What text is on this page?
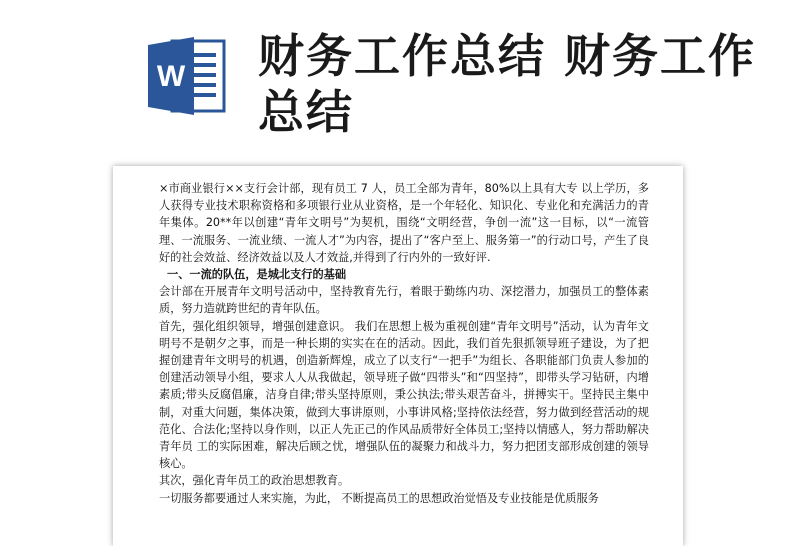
W 财务工作总结 财务工作总结

×市商业银行××支行会计部，现有员工 7 人，员工全部为青年，80%以上具有大专 以上学历，多人获得专业技术职称资格和多项银行业从业资格，是一个年轻化、知识化、专业化和充满活力的青年集体。20**年以创建“青年文明号”为契机，围绕“文明经营，争创一流”这一目标，以“一流管理、一流服务、一流业绩、一流人才”为内容，提出了“客户至上、服务第一”的行动口号，产生了良好的社会效益、经济效益以及人才效益,并得到了行内外的一致好评.

一、一流的队伍，是城北支行的基础

会计部在开展青年文明号活动中，坚持教育先行，着眼于勤练内功、深挖潜力，加强员工的整体素质，努力造就跨世纪的青年队伍。

首先，强化组织领导，增强创建意识。 我们在思想上极为重视创建“青年文明号”活动，认为青年文明号不是朝夕之事，而是一种长期的实实在在的活动。因此，我们首先狠抓领导班子建设，为了把握创建青年文明号的机遇，创造新辉煌，成立了以支行“一把手”为组长、各职能部门负责人参加的创建活动领导小组，要求人人从我做起，领导班子做“四带头”和“四坚持”，即带头学习钻研，内增素质;带头反腐倡廉，洁身自律;带头坚持原则，秉公执法;带头艰苦奋斗，拼搏实干。坚持民主集中制，对重大问题，集体决策，做到大事讲原则，小事讲风格;坚持依法经营，努力做到经营活动的规范化、合法化;坚持以身作则，以正人先正己的作风品质带好全体员工;坚持以情感人，努力帮助解决青年员 工的实际困难，解决后顾之忧，增强队伍的凝聚力和战斗力，努力把团支部形成创建的领导核心。

其次，强化青年员工的政治思想教育。

一切服务都要通过人来实施，为此， 不断提高员工的思想政治觉悟及专业技能是优质服务
